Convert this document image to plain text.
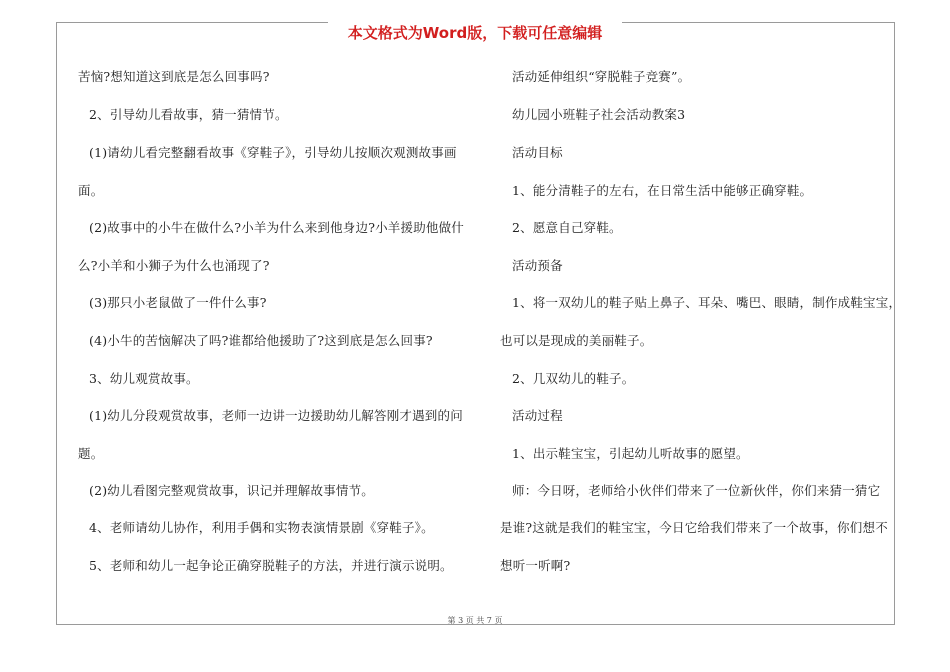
本文格式为Word版，下载可任意编辑
苦恼?想知道这到底是怎么回事吗?
2、引导幼儿看故事，猜一猜情节。
(1)请幼儿看完整翻看故事《穿鞋子》，引导幼儿按顺次观测故事画
面。
(2)故事中的小牛在做什么?小羊为什么来到他身边?小羊援助他做什
么?小羊和小狮子为什么也涌现了?
(3)那只小老鼠做了一件什么事?
(4)小牛的苦恼解决了吗?谁都给他援助了?这到底是怎么回事?
3、幼儿观赏故事。
(1)幼儿分段观赏故事，老师一边讲一边援助幼儿解答刚才遇到的问
题。
(2)幼儿看图完整观赏故事，识记并理解故事情节。
4、老师请幼儿协作，利用手偶和实物表演情景剧《穿鞋子》。
5、老师和幼儿一起争论正确穿脱鞋子的方法，并进行演示说明。
活动延伸组织“穿脱鞋子竞赛”。
幼儿园小班鞋子社会活动教案3
活动目标
1、能分清鞋子的左右，在日常生活中能够正确穿鞋。
2、愿意自己穿鞋。
活动预备
1、将一双幼儿的鞋子贴上鼻子、耳朵、嘴巴、眼睛，制作成鞋宝宝，
也可以是现成的美丽鞋子。
2、几双幼儿的鞋子。
活动过程
1、出示鞋宝宝，引起幼儿听故事的愿望。
师：今日呀，老师给小伙伴们带来了一位新伙伴，你们来猜一猜它
是谁?这就是我们的鞋宝宝，今日它给我们带来了一个故事，你们想不
想听一听啊?
第 3 页 共 7 页
